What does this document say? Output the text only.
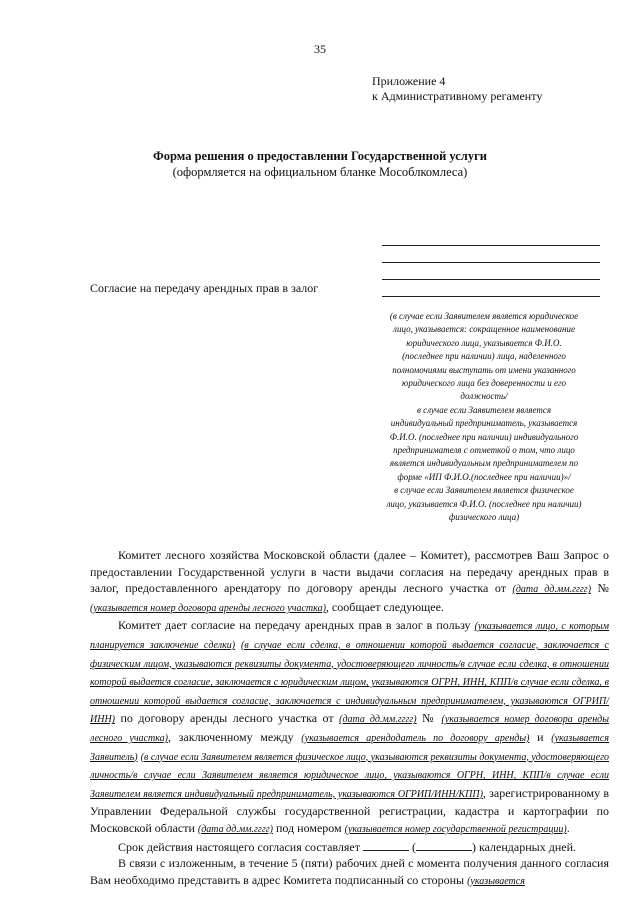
35
Приложение 4
к Административному регаменту
Форма решения о предоставлении Государственной услуги
(оформляется на официальном бланке Мособлкомлеса)
Согласие на передачу арендных прав в залог
(в случае если Заявителем является юридическое
лицо, указывается: сокращенное наименование
юридического лица, указывается Ф.И.О.
(последнее при наличии) лица, наделенного
полномочиями выступать от имени указанного
юридического лица без доверенности и его
должность/
в случае если Заявителем является
индивидуальный предприниматель, указывается
Ф.И.О. (последнее при наличии) индивидуального
предпринимателя с отметкой о том, что лицо
является индивидуальным предпринимателем по
форме «ИП Ф.И.О.(последнее при наличии)»/
в случае если Заявителем является физическое
лицо, указывается Ф.И.О. (последнее при наличии)
физического лица)

Комитет лесного хозяйства Московской области (далее – Комитет), рассмотрев Ваш Запрос о предоставлении Государственной услуги в части выдачи согласия на передачу арендных прав в залог, предоставленного арендатору по договору аренды лесного участка от (дата дд.мм.гггг) № (указывается номер договора аренды лесного участка), сообщает следующее.

Комитет дает согласие на передачу арендных прав в залог в пользу (указывается лицо, с которым планируется заключение сделки) (в случае если сделка, в отношении которой выдается согласие, заключается с физическим лицом, указываются реквизиты документа, удостоверяющего личность/в случае если сделка, в отношении которой выдается согласие, заключается с юридическим лицом, указываются ОГРН, ИНН, КПП/в случае если сделка, в отношении которой выдается согласие, заключается с индивидуальным предпринимателем, указываются ОГРИП/ИНН) по договору аренды лесного участка от (дата дд.мм.гггг) № (указывается номер договора аренды лесного участка), заключенному между (указывается арендодатель по договору аренды) и (указывается Заявитель) (в случае если Заявителем является физическое лицо, указываются реквизиты документа, удостоверяющего личность/в случае если Заявителем является юридическое лицо, указываются ОГРН, ИНН, КПП/в случае если Заявителем является индивидуальный предприниматель, указываются ОГРИП/ИНН/КПП), зарегистрированному в Управлении Федеральной службы государственной регистрации, кадастра и картографии по Московской области (дата дд.мм.гггг) под номером (указывается номер государственной регистрации).

Срок действия настоящего согласия составляет	(	) календарных дней.

В связи с изложенным, в течение 5 (пяти) рабочих дней с момента получения данного согласия Вам необходимо представить в адрес Комитета подписанный со стороны (указывается
